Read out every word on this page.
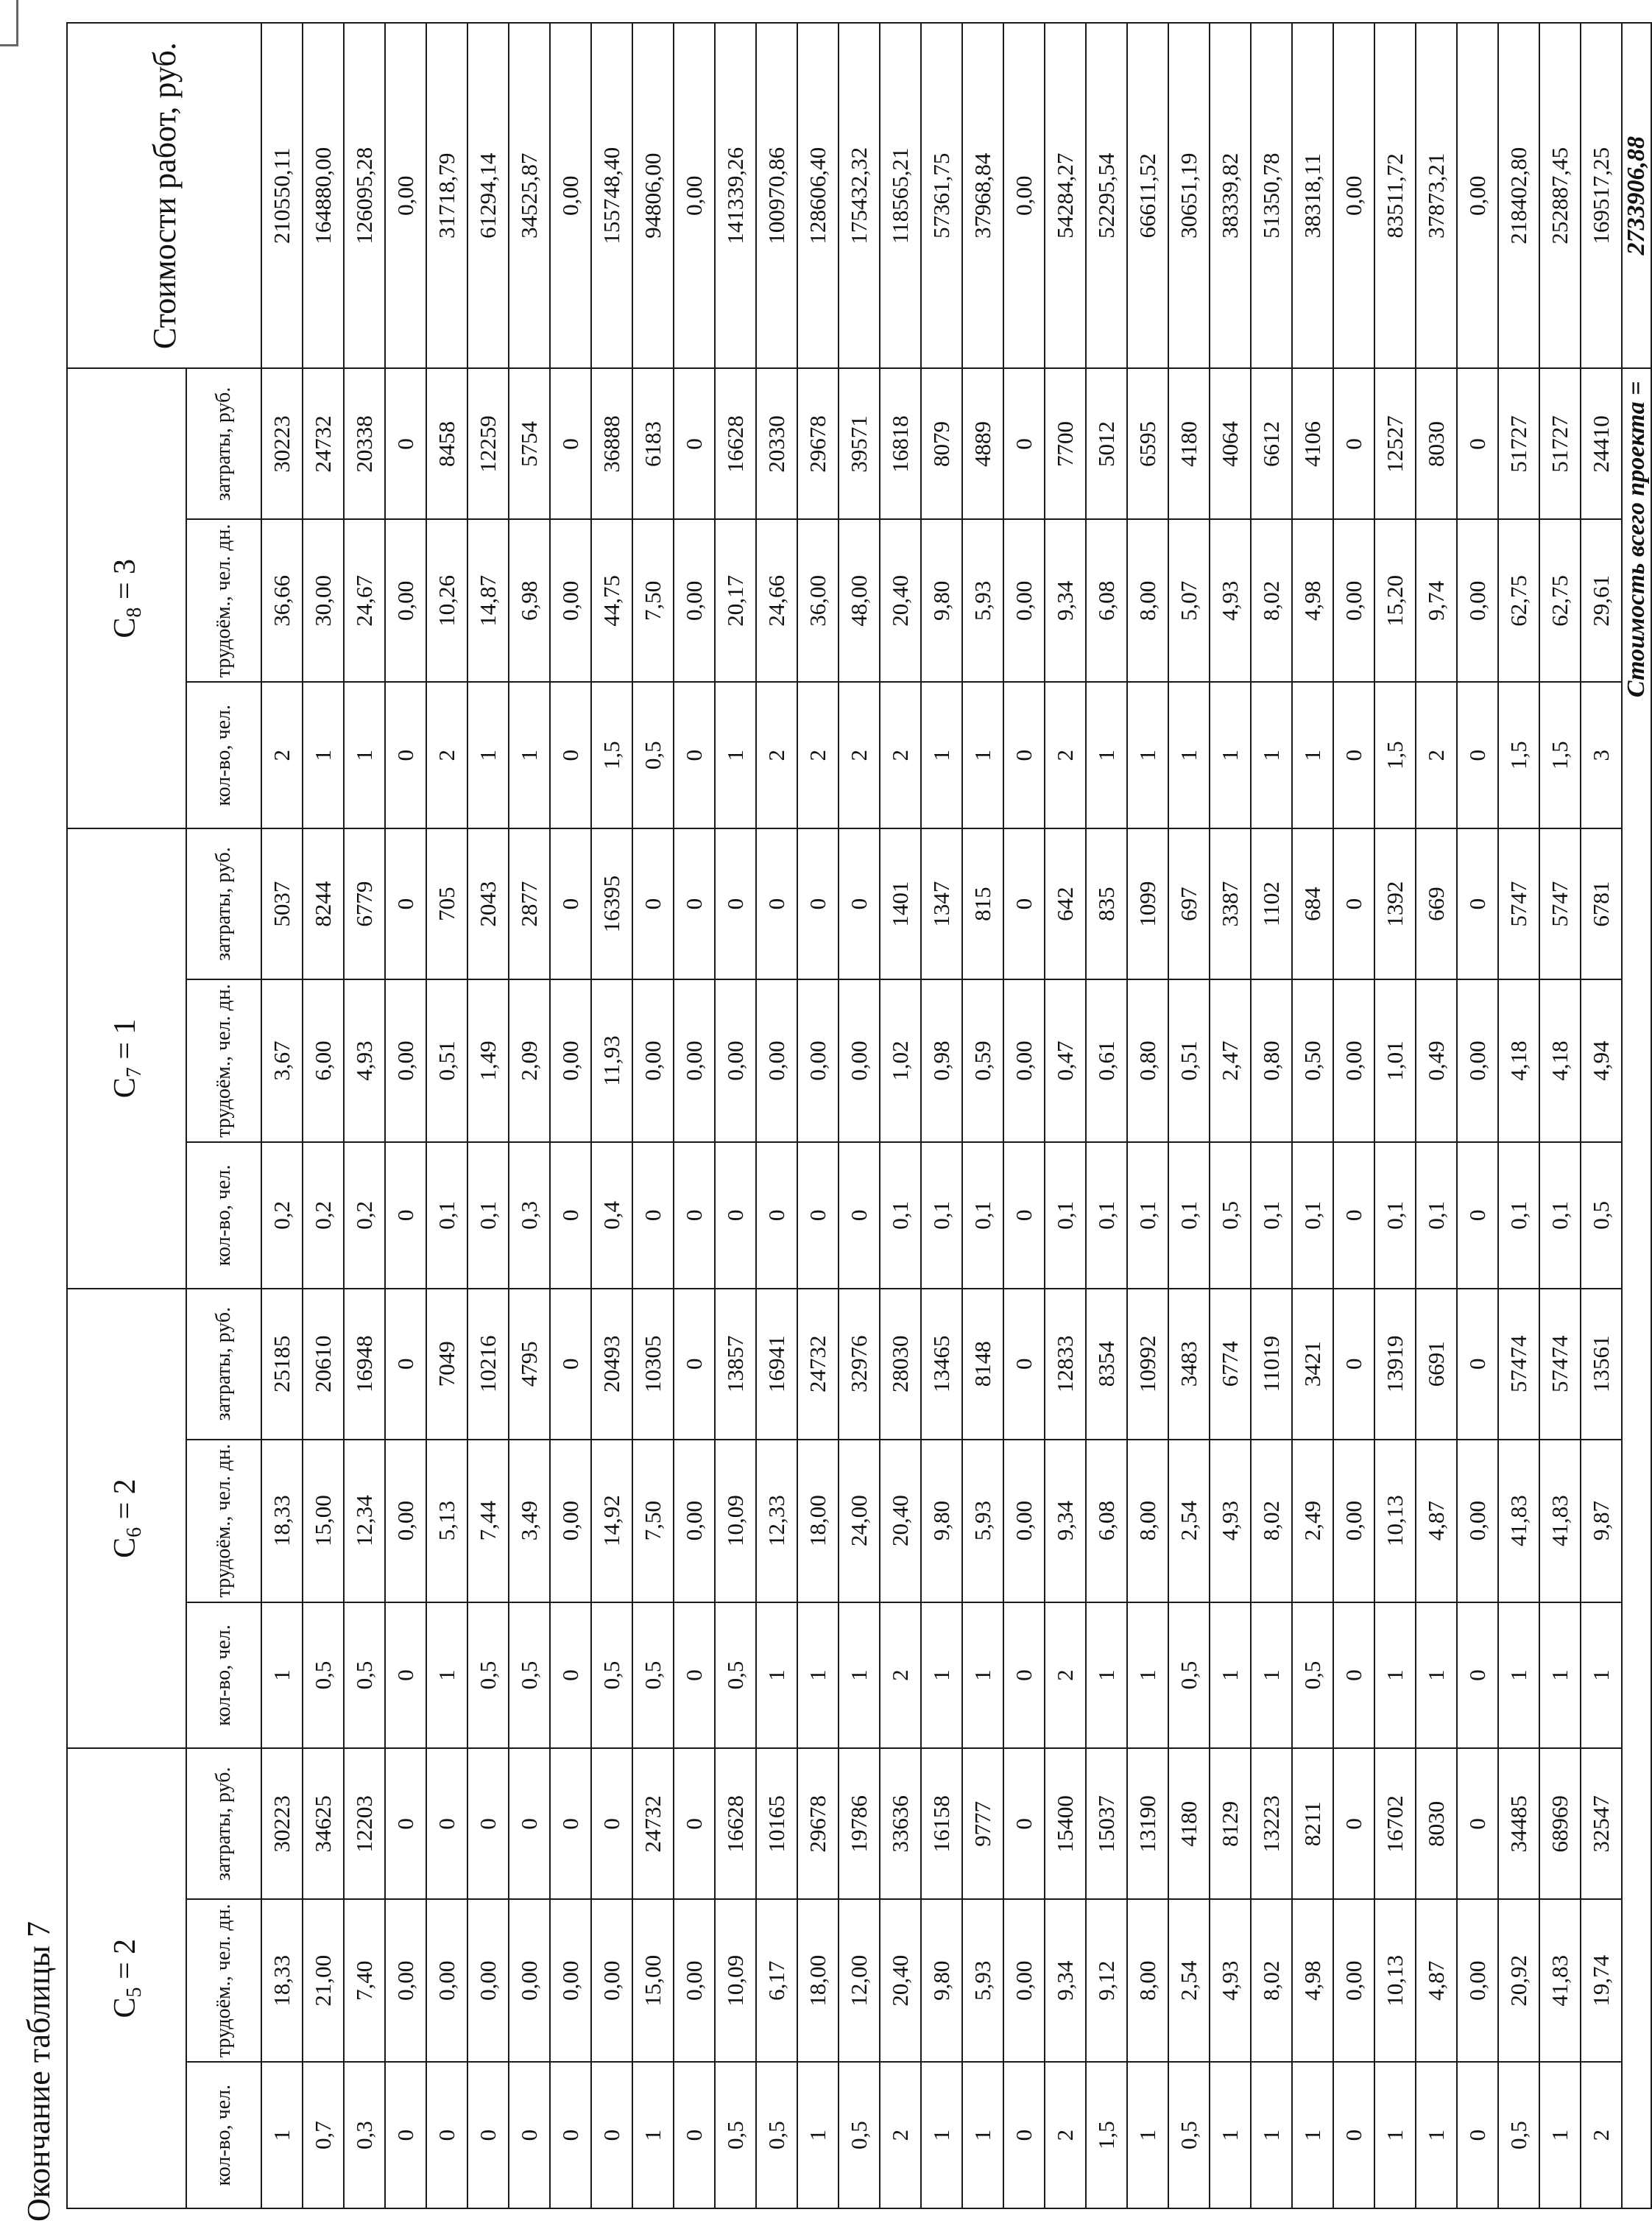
Окончание таблицы 7 $C_5 = 2$			$C_6 = 2$			$C_7 = 1$			$C_8 = 3$			Стоимости работ, руб.
кол-во, чел.	трудоём., чел. дн.	затраты, руб.	кол-во, чел.	трудоём., чел. дн.	затраты, руб.	кол-во, чел.	трудоём., чел. дн.	затраты, руб.	кол-во, чел.	трудоём., чел. дн.	затраты, руб.	
1	18,33	30223	1	18,33	25185	0,2	3,67	5037	2	36,66	30223	210550,11
0,7	21,00	34625	0,5	15,00	20610	0,2	6,00	8244	1	30,00	24732	164880,00
0,3	7,40	12203	0,5	12,34	16948	0,2	4,93	6779	1	24,67	20338	126095,28
0	0,00	0	0	0,00	0	0	0,00	0	0	0,00	0	0,00
0	0,00	0	1	5,13	7049	0,1	0,51	705	2	10,26	8458	31718,79
0	0,00	0	0,5	7,44	10216	0,1	1,49	2043	1	14,87	12259	61294,14
0	0,00	0	0,5	3,49	4795	0,3	2,09	2877	1	6,98	5754	34525,87
0	0,00	0	0	0,00	0	0	0,00	0	0	0,00	0	0,00
0	0,00	0	0,5	14,92	20493	0,4	11,93	16395	1,5	44,75	36888	155748,40
1	15,00	24732	0,5	7,50	10305	0	0,00	0	0,5	7,50	6183	94806,00
0	0,00	0	0	0,00	0	0	0,00	0	0	0,00	0	0,00
0,5	10,09	16628	0,5	10,09	13857	0	0,00	0	1	20,17	16628	141339,26
0,5	6,17	10165	1	12,33	16941	0	0,00	0	2	24,66	20330	100970,86
1	18,00	29678	1	18,00	24732	0	0,00	0	2	36,00	29678	128606,40
0,5	12,00	19786	1	24,00	32976	0	0,00	0	2	48,00	39571	175432,32
2	20,40	33636	2	20,40	28030	0,1	1,02	1401	2	20,40	16818	118565,21
1	9,80	16158	1	9,80	13465	0,1	0,98	1347	1	9,80	8079	57361,75
1	5,93	9777	1	5,93	8148	0,1	0,59	815	1	5,93	4889	37968,84
0	0,00	0	0	0,00	0	0	0,00	0	0	0,00	0	0,00
2	9,34	15400	2	9,34	12833	0,1	0,47	642	2	9,34	7700	54284,27
1,5	9,12	15037	1	6,08	8354	0,1	0,61	835	1	6,08	5012	52295,54
1	8,00	13190	1	8,00	10992	0,1	0,80	1099	1	8,00	6595	66611,52
0,5	2,54	4180	0,5	2,54	3483	0,1	0,51	697	1	5,07	4180	30651,19
1	4,93	8129	1	4,93	6774	0,5	2,47	3387	1	4,93	4064	38339,82
1	8,02	13223	1	8,02	11019	0,1	0,80	1102	1	8,02	6612	51350,78
1	4,98	8211	0,5	2,49	3421	0,1	0,50	684	1	4,98	4106	38318,11
0	0,00	0	0	0,00	0	0	0,00	0	0	0,00	0	0,00
1	10,13	16702	1	10,13	13919	0,1	1,01	1392	1,5	15,20	12527	83511,72
1	4,87	8030	1	4,87	6691	0,1	0,49	669	2	9,74	8030	37873,21
0	0,00	0	0	0,00	0	0	0,00	0	0	0,00	0	0,00
0,5	20,92	34485	1	41,83	57474	0,1	4,18	5747	1,5	62,75	51727	218402,80
1	41,83	68969	1	41,83	57474	0,1	4,18	5747	1,5	62,75	51727	252887,45
2	19,74	32547	1	9,87	13561	0,5	4,94	6781	3	29,61	24410	169517,25
Стоимость всего проекта =												2733906,88
